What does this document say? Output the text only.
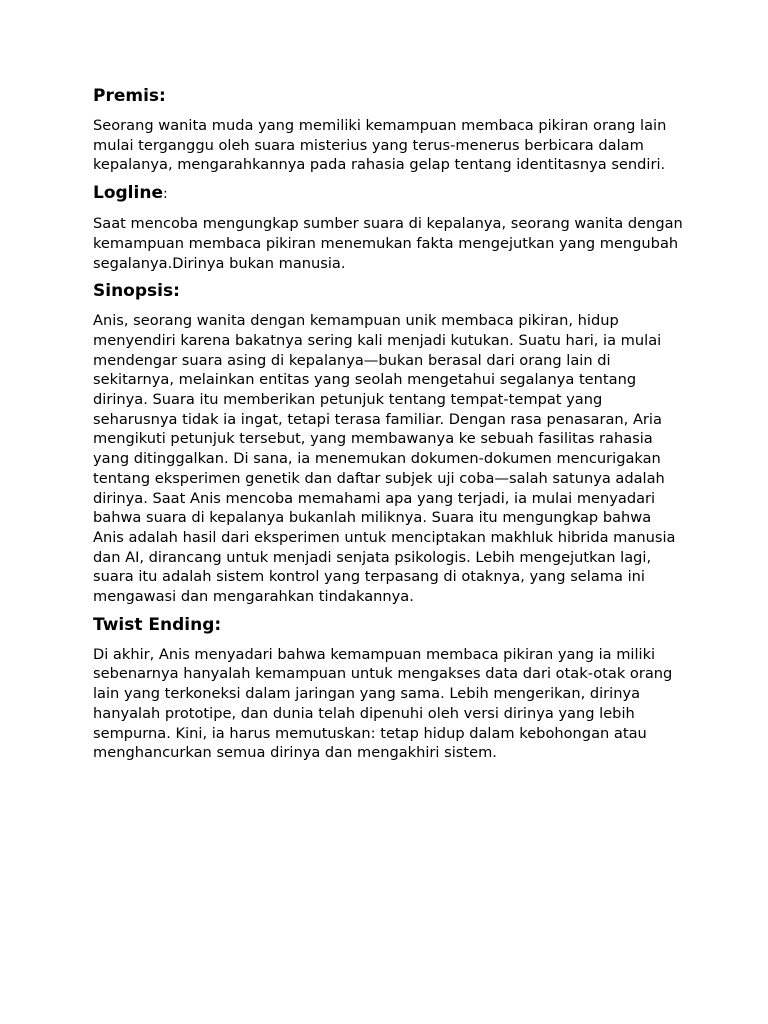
Premis:

Seorang wanita muda yang memiliki kemampuan membaca pikiran orang lain mulai terganggu oleh suara misterius yang terus-menerus berbicara dalam kepalanya, mengarahkannya pada rahasia gelap tentang identitasnya sendiri.

Logline:

Saat mencoba mengungkap sumber suara di kepalanya, seorang wanita dengan kemampuan membaca pikiran menemukan fakta mengejutkan yang mengubah segalanya.Dirinya bukan manusia.

Sinopsis:

Anis, seorang wanita dengan kemampuan unik membaca pikiran, hidup menyendiri karena bakatnya sering kali menjadi kutukan. Suatu hari, ia mulai mendengar suara asing di kepalanya—bukan berasal dari orang lain di sekitarnya, melainkan entitas yang seolah mengetahui segalanya tentang dirinya. Suara itu memberikan petunjuk tentang tempat-tempat yang seharusnya tidak ia ingat, tetapi terasa familiar. Dengan rasa penasaran, Aria mengikuti petunjuk tersebut, yang membawanya ke sebuah fasilitas rahasia yang ditinggalkan. Di sana, ia menemukan dokumen-dokumen mencurigakan tentang eksperimen genetik dan daftar subjek uji coba—salah satunya adalah dirinya. Saat Anis mencoba memahami apa yang terjadi, ia mulai menyadari bahwa suara di kepalanya bukanlah miliknya. Suara itu mengungkap bahwa Anis adalah hasil dari eksperimen untuk menciptakan makhluk hibrida manusia dan AI, dirancang untuk menjadi senjata psikologis. Lebih mengejutkan lagi, suara itu adalah sistem kontrol yang terpasang di otaknya, yang selama ini mengawasi dan mengarahkan tindakannya.

Twist Ending:

Di akhir, Anis menyadari bahwa kemampuan membaca pikiran yang ia miliki sebenarnya hanyalah kemampuan untuk mengakses data dari otak-otak orang lain yang terkoneksi dalam jaringan yang sama. Lebih mengerikan, dirinya hanyalah prototipe, dan dunia telah dipenuhi oleh versi dirinya yang lebih sempurna. Kini, ia harus memutuskan: tetap hidup dalam kebohongan atau menghancurkan semua dirinya dan mengakhiri sistem.
